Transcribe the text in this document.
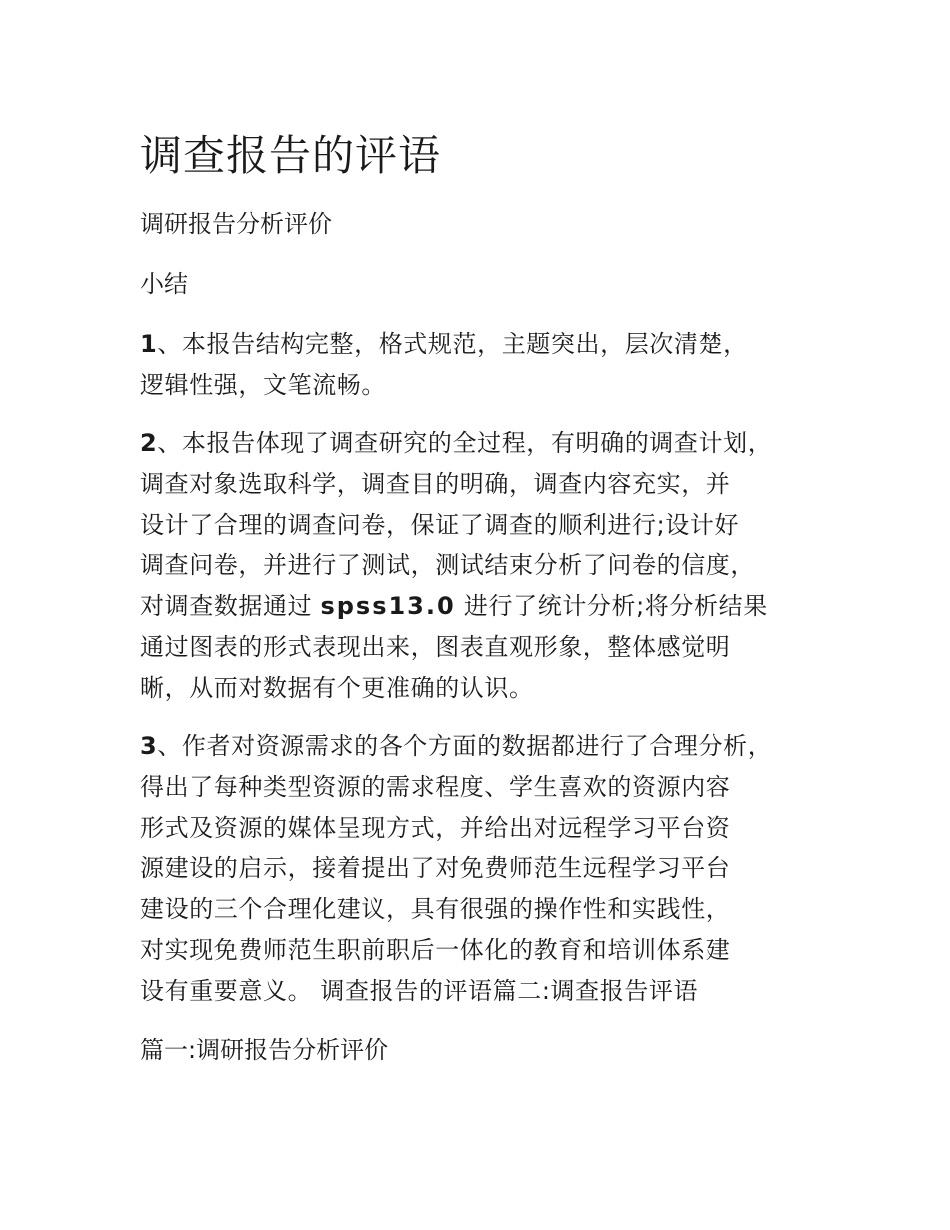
调查报告的评语

调研报告分析评价

小结

1、本报告结构完整，格式规范，主题突出，层次清楚，
逻辑性强，文笔流畅。
2、本报告体现了调查研究的全过程，有明确的调查计划，
调查对象选取科学，调查目的明确，调查内容充实，并
设计了合理的调查问卷，保证了调查的顺利进行;设计好
调查问卷，并进行了测试，测试结束分析了问卷的信度，
对调查数据通过 spss13.0 进行了统计分析;将分析结果
通过图表的形式表现出来，图表直观形象，整体感觉明
晰，从而对数据有个更准确的认识。
3、作者对资源需求的各个方面的数据都进行了合理分析，
得出了每种类型资源的需求程度、学生喜欢的资源内容
形式及资源的媒体呈现方式，并给出对远程学习平台资
源建设的启示，接着提出了对免费师范生远程学习平台
建设的三个合理化建议，具有很强的操作性和实践性，
对实现免费师范生职前职后一体化的教育和培训体系建
设有重要意义。 调查报告的评语篇二:调查报告评语

篇一:调研报告分析评价
